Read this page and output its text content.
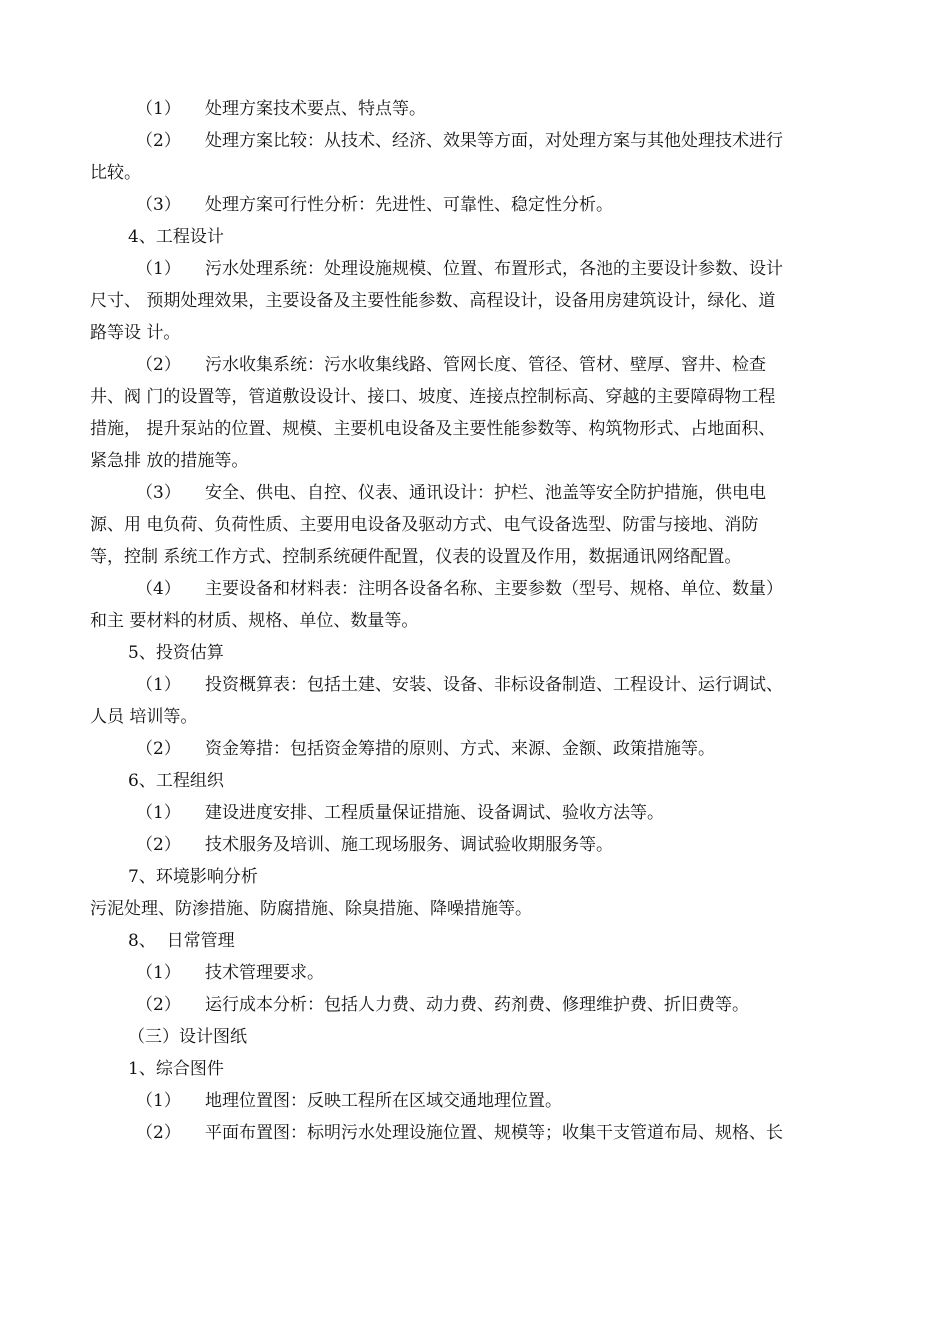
（1） 处理方案技术要点、特点等。
（2） 处理方案比较：从技术、经济、效果等方面，对处理方案与其他处理技术进行
比较。
（3） 处理方案可行性分析：先进性、可靠性、稳定性分析。
4、工程设计
（1） 污水处理系统：处理设施规模、位置、布置形式，各池的主要设计参数、设计
尺寸、 预期处理效果，主要设备及主要性能参数、高程设计，设备用房建筑设计，绿化、道
路等设 计。
（2） 污水收集系统：污水收集线路、管网长度、管径、管材、壁厚、窨井、检查
井、阀 门的设置等，管道敷设设计、接口、坡度、连接点控制标高、穿越的主要障碍物工程
措施， 提升泵站的位置、规模、主要机电设备及主要性能参数等、构筑物形式、占地面积、
紧急排 放的措施等。
（3） 安全、供电、自控、仪表、通讯设计：护栏、池盖等安全防护措施，供电电
源、用 电负荷、负荷性质、主要用电设备及驱动方式、电气设备选型、防雷与接地、消防
等，控制 系统工作方式、控制系统硬件配置，仪表的设置及作用，数据通讯网络配置。
（4） 主要设备和材料表：注明各设备名称、主要参数（型号、规格、单位、数量）
和主 要材料的材质、规格、单位、数量等。
5、投资估算
（1） 投资概算表：包括土建、安装、设备、非标设备制造、工程设计、运行调试、
人员 培训等。
（2） 资金筹措：包括资金筹措的原则、方式、来源、金额、政策措施等。
6、工程组织
（1） 建设进度安排、工程质量保证措施、设备调试、验收方法等。
（2） 技术服务及培训、施工现场服务、调试验收期服务等。
7、环境影响分析
污泥处理、防渗措施、防腐措施、除臭措施、降噪措施等。
8、  日常管理
（1） 技术管理要求。
（2） 运行成本分析：包括人力费、动力费、药剂费、修理维护费、折旧费等。
（三）设计图纸
1、综合图件
（1） 地理位置图：反映工程所在区域交通地理位置。
（2） 平面布置图：标明污水处理设施位置、规模等；收集干支管道布局、规格、长
